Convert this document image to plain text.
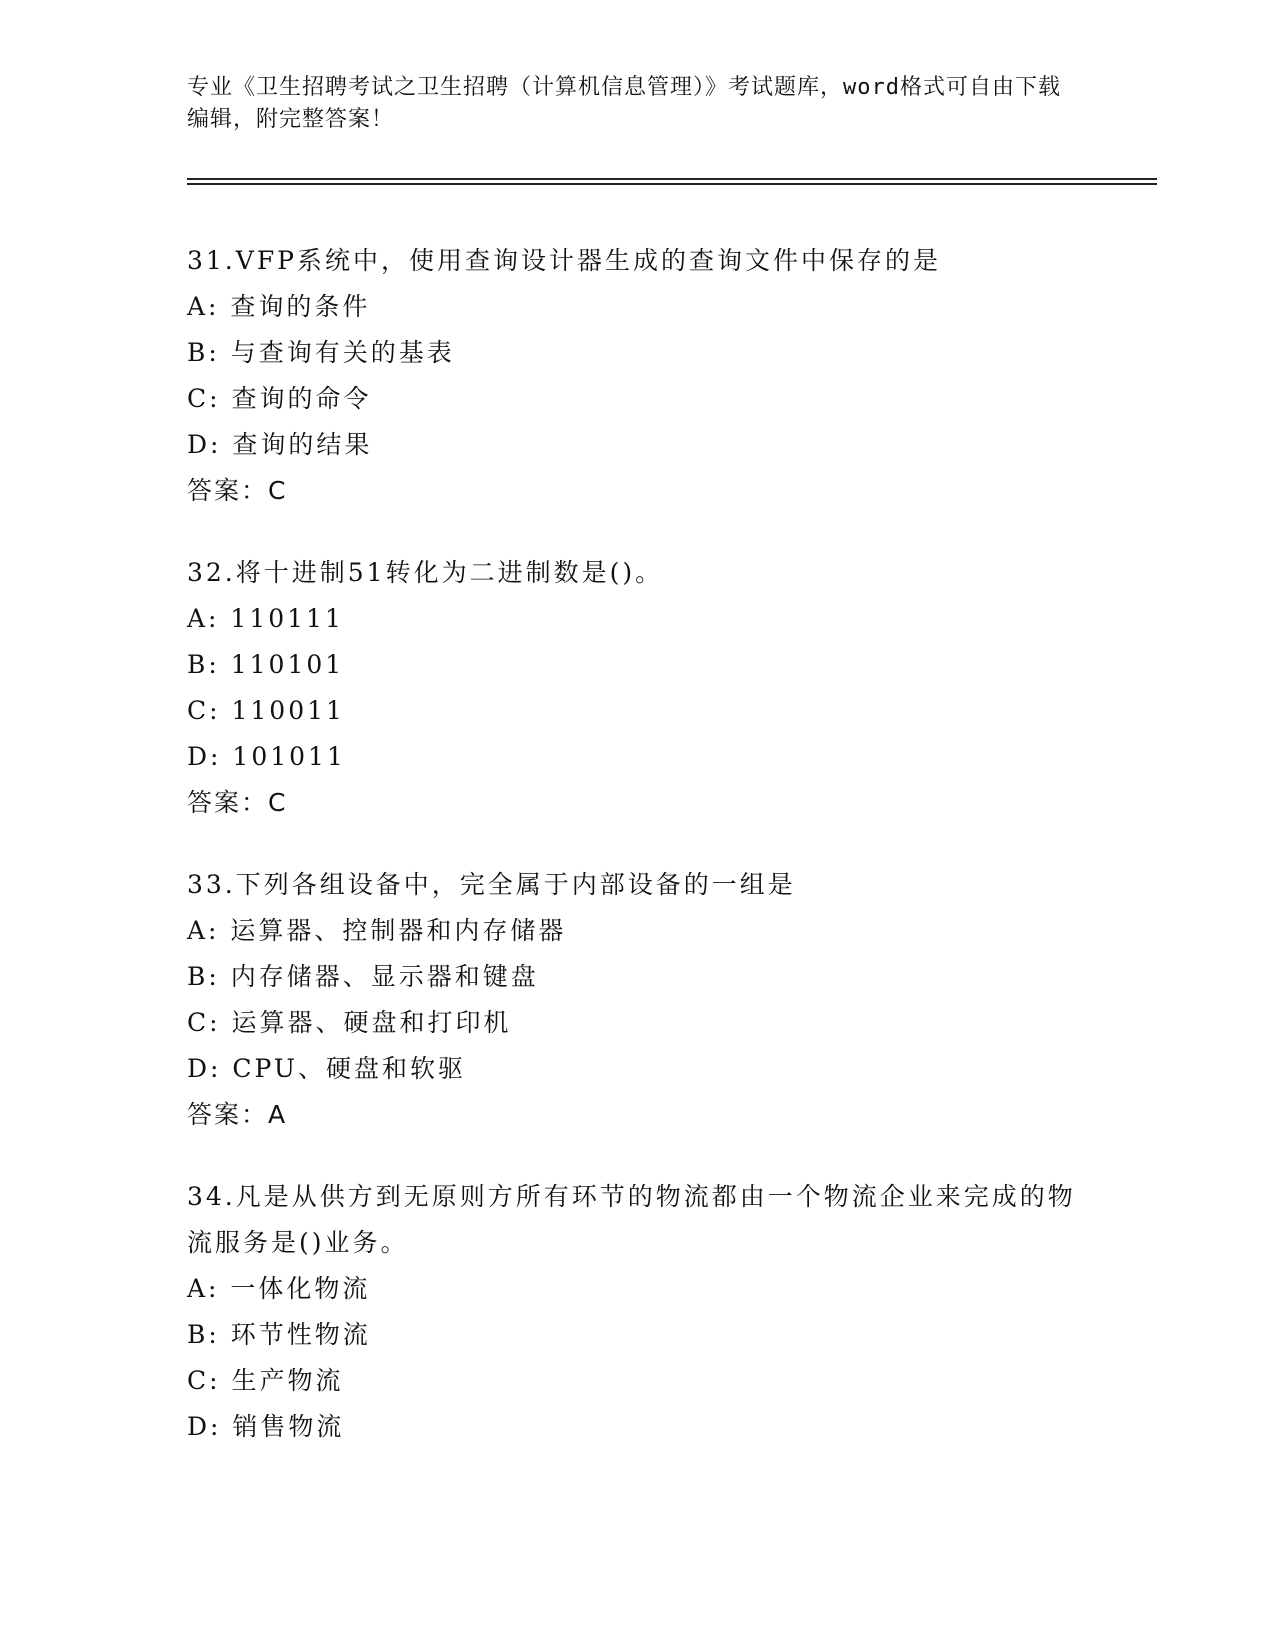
专业《卫生招聘考试之卫生招聘（计算机信息管理）》考试题库，word格式可自由下载编辑，附完整答案！
31.VFP系统中，使用查询设计器生成的查询文件中保存的是
A: 查询的条件
B: 与查询有关的基表
C: 查询的命令
D: 查询的结果
答案：C
32.将十进制51转化为二进制数是()。
A: 110111
B: 110101
C: 110011
D: 101011
答案：C
33.下列各组设备中，完全属于内部设备的一组是
A: 运算器、控制器和内存储器
B: 内存储器、显示器和键盘
C: 运算器、硬盘和打印机
D: CPU、硬盘和软驱
答案：A
34.凡是从供方到无原则方所有环节的物流都由一个物流企业来完成的物流服务是()业务。
A: 一体化物流
B: 环节性物流
C: 生产物流
D: 销售物流
